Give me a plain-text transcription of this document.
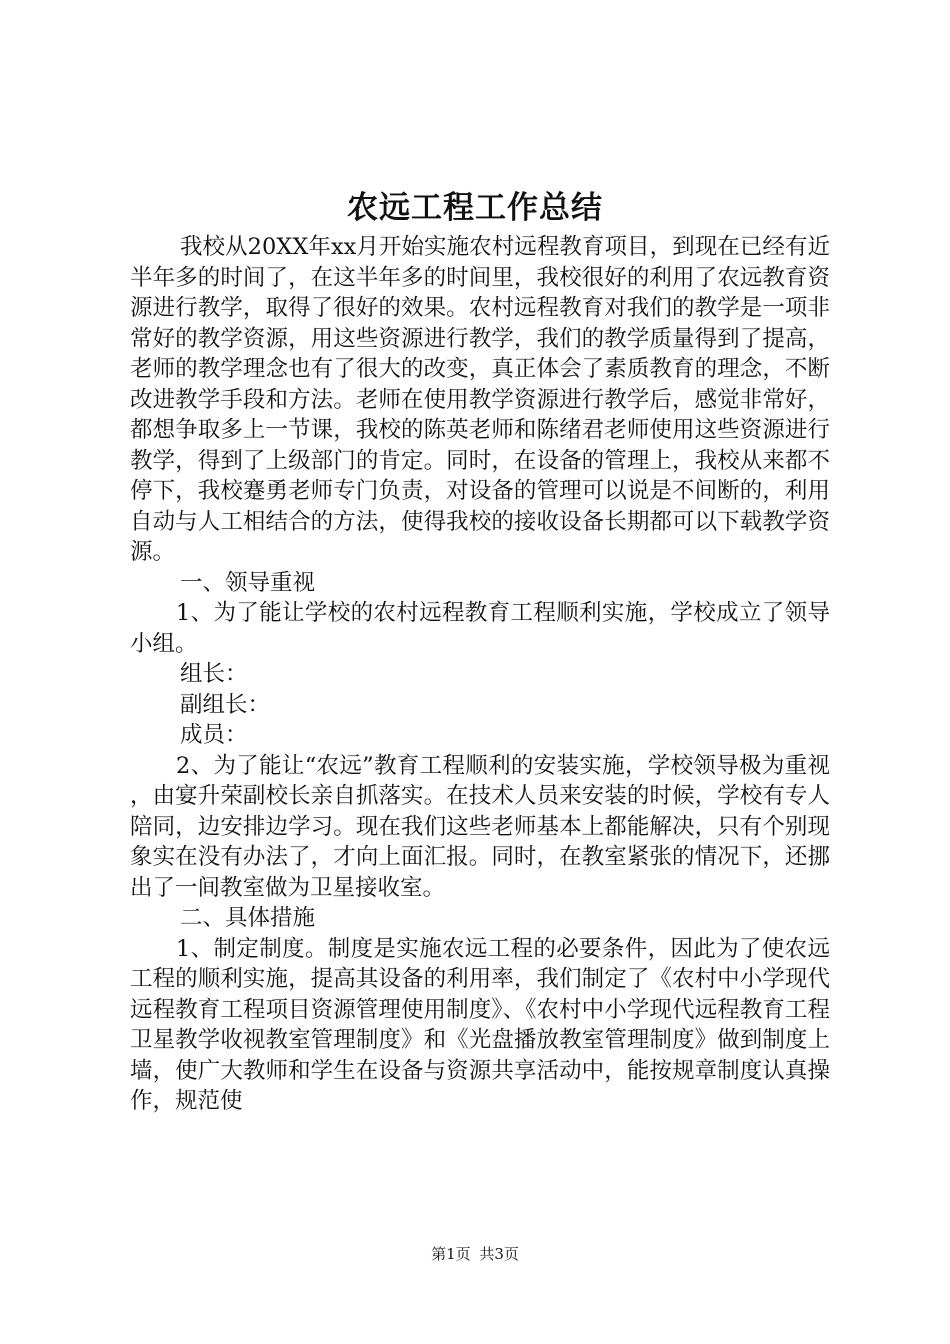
农远工程工作总结

我校从20XX年xx月开始实施农村远程教育项目，到现在已经有近半年多的时间了，在这半年多的时间里，我校很好的利用了农远教育资源进行教学，取得了很好的效果。农村远程教育对我们的教学是一项非常好的教学资源，用这些资源进行教学，我们的教学质量得到了提高，老师的教学理念也有了很大的改变，真正体会了素质教育的理念，不断改进教学手段和方法。老师在使用教学资源进行教学后，感觉非常好，都想争取多上一节课，我校的陈英老师和陈绪君老师使用这些资源进行教学，得到了上级部门的肯定。同时，在设备的管理上，我校从来都不停下，我校蹇勇老师专门负责，对设备的管理可以说是不间断的，利用自动与人工相结合的方法，使得我校的接收设备长期都可以下载教学资源。

一、领导重视

1、为了能让学校的农村远程教育工程顺利实施，学校成立了领导小组。

组长：

副组长：

成员：

2、为了能让“农远”教育工程顺利的安装实施，学校领导极为重视，由宴升荣副校长亲自抓落实。在技术人员来安装的时候，学校有专人陪同，边安排边学习。现在我们这些老师基本上都能解决，只有个别现象实在没有办法了，才向上面汇报。同时，在教室紧张的情况下，还挪出了一间教室做为卫星接收室。

二、具体措施

1、制定制度。制度是实施农远工程的必要条件，因此为了使农远工程的顺利实施，提高其设备的利用率，我们制定了《农村中小学现代远程教育工程项目资源管理使用制度》、《农村中小学现代远程教育工程卫星教学收视教室管理制度》和《光盘播放教室管理制度》做到制度上墙，使广大教师和学生在设备与资源共享活动中，能按规章制度认真操作，规范使

第1页 共3页
